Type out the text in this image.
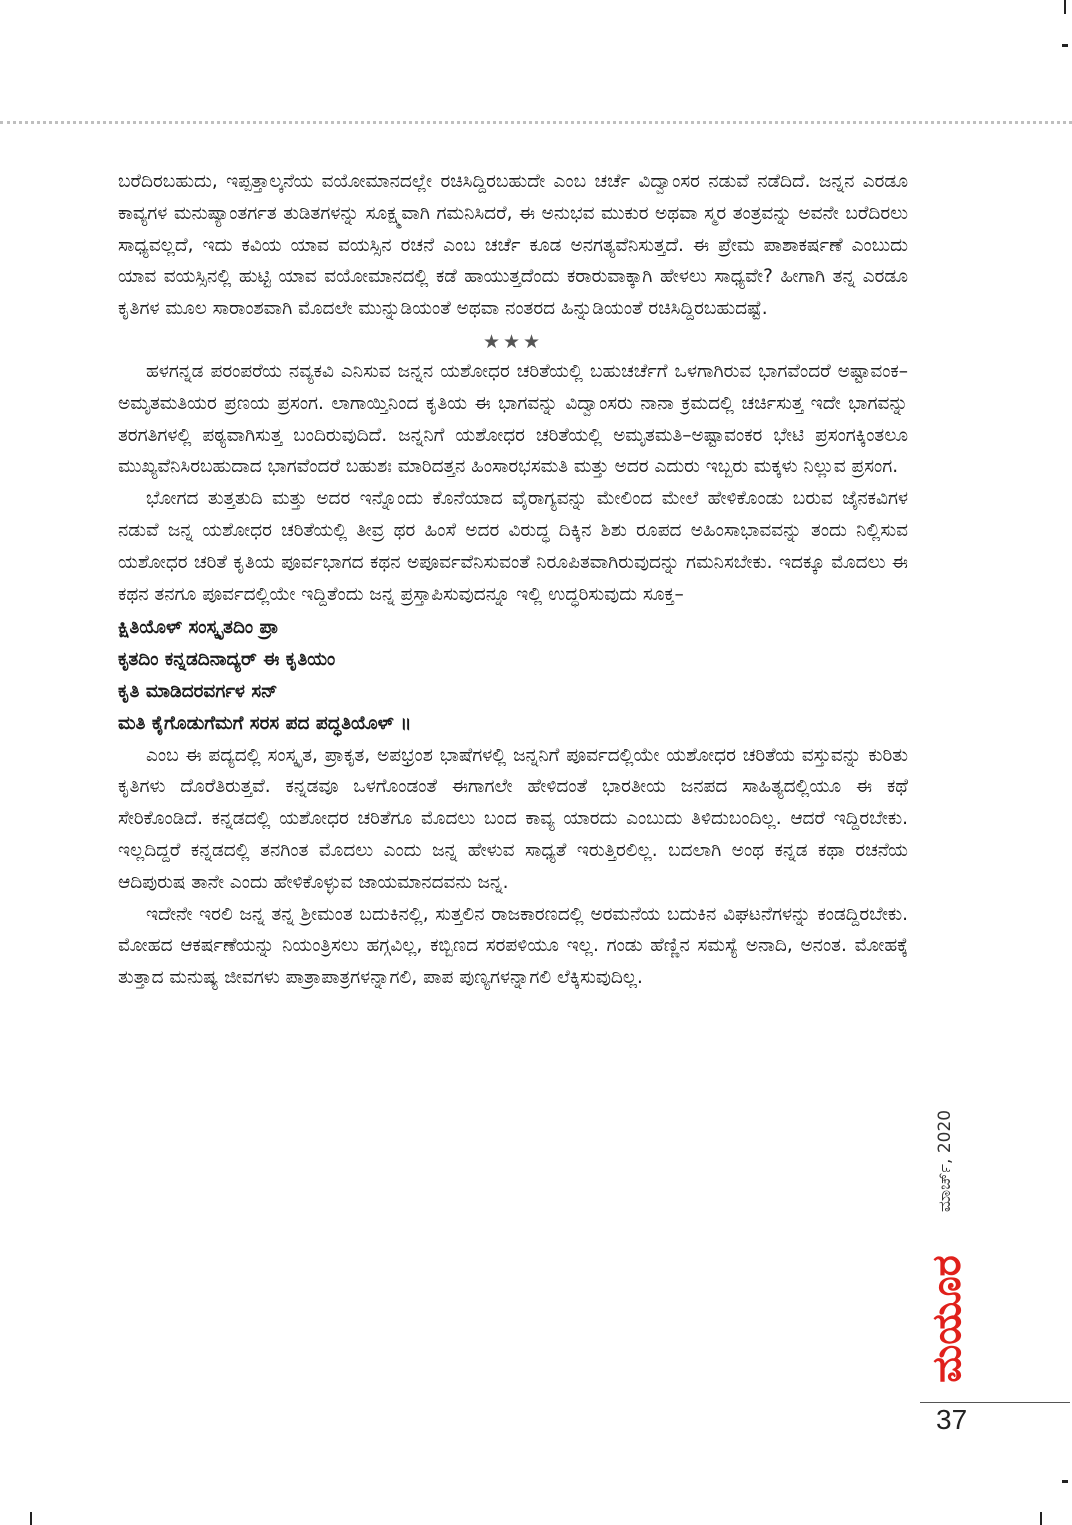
ಬರೆದಿರಬಹುದು, ಇಪ್ಪತ್ತಾಲ್ಕನೆಯ ವಯೋಮಾನದಲ್ಲೇ ರಚಿಸಿದ್ದಿರಬಹುದೇ ಎಂಬ ಚರ್ಚೆ ವಿದ್ವಾಂಸರ ನಡುವೆ ನಡೆದಿದೆ. ಜನ್ನನ ಎರಡೂ ಕಾವ್ಯಗಳ ಮನುಷ್ಯಾಂತರ್ಗತ ತುಡಿತಗಳನ್ನು ಸೂಕ್ಷ್ಮವಾಗಿ ಗಮನಿಸಿದರೆ, ಈ ಅನುಭವ ಮುಕುರ ಅಥವಾ ಸ್ಮರ ತಂತ್ರವನ್ನು ಅವನೇ ಬರೆದಿರಲು ಸಾಧ್ಯವಲ್ಲದೆ, ಇದು ಕವಿಯ ಯಾವ ವಯಸ್ಸಿನ ರಚನೆ ಎಂಬ ಚರ್ಚೆ ಕೂಡ ಅನಗತ್ಯವೆನಿಸುತ್ತದೆ. ಈ ಪ್ರೇಮ ಪಾಶಾಕರ್ಷಣೆ ಎಂಬುದು ಯಾವ ವಯಸ್ಸಿನಲ್ಲಿ ಹುಟ್ಟಿ ಯಾವ ವಯೋಮಾನದಲ್ಲಿ ಕಡೆ ಹಾಯುತ್ತದೆಂದು ಕರಾರುವಾಕ್ಕಾಗಿ ಹೇಳಲು ಸಾಧ್ಯವೇ? ಹೀಗಾಗಿ ತನ್ನ ಎರಡೂ ಕೃತಿಗಳ ಮೂಲ ಸಾರಾಂಶವಾಗಿ ಮೊದಲೇ ಮುನ್ನುಡಿಯಂತೆ ಅಥವಾ ನಂತರದ ಹಿನ್ನುಡಿಯಂತೆ ರಚಿಸಿದ್ದಿರಬಹುದಷ್ಟೆ.

★★★

ಹಳಗನ್ನಡ ಪರಂಪರೆಯ ನವ್ಯಕವಿ ಎನಿಸುವ ಜನ್ನನ ಯಶೋಧರ ಚರಿತೆಯಲ್ಲಿ ಬಹುಚರ್ಚೆಗೆ ಒಳಗಾಗಿರುವ ಭಾಗವೆಂದರೆ ಅಷ್ಟಾವಂಕ–ಅಮೃತಮತಿಯರ ಪ್ರಣಯ ಪ್ರಸಂಗ. ಲಾಗಾಯ್ತಿನಿಂದ ಕೃತಿಯ ಈ ಭಾಗವನ್ನು ವಿದ್ವಾಂಸರು ನಾನಾ ಕ್ರಮದಲ್ಲಿ ಚರ್ಚಿಸುತ್ತ ಇದೇ ಭಾಗವನ್ನು ತರಗತಿಗಳಲ್ಲಿ ಪಠ್ಯವಾಗಿಸುತ್ತ ಬಂದಿರುವುದಿದೆ. ಜನ್ನನಿಗೆ ಯಶೋಧರ ಚರಿತೆಯಲ್ಲಿ ಅಮೃತಮತಿ–ಅಷ್ಟಾವಂಕರ ಭೇಟಿ ಪ್ರಸಂಗಕ್ಕಿಂತಲೂ ಮುಖ್ಯವೆನಿಸಿರಬಹುದಾದ ಭಾಗವೆಂದರೆ ಬಹುಶಃ ಮಾರಿದತ್ತನ ಹಿಂಸಾರಭಸಮತಿ ಮತ್ತು ಅದರ ಎದುರು ಇಬ್ಬರು ಮಕ್ಕಳು ನಿಲ್ಲುವ ಪ್ರಸಂಗ.

ಭೋಗದ ತುತ್ತತುದಿ ಮತ್ತು ಅದರ ಇನ್ನೊಂದು ಕೊನೆಯಾದ ವೈರಾಗ್ಯವನ್ನು ಮೇಲಿಂದ ಮೇಲೆ ಹೇಳಿಕೊಂಡು ಬರುವ ಜೈನಕವಿಗಳ ನಡುವೆ ಜನ್ನ ಯಶೋಧರ ಚರಿತೆಯಲ್ಲಿ ತೀವ್ರ ಥರ ಹಿಂಸೆ ಅದರ ವಿರುದ್ಧ ದಿಕ್ಕಿನ ಶಿಶು ರೂಪದ ಅಹಿಂಸಾಭಾವವನ್ನು ತಂದು ನಿಲ್ಲಿಸುವ ಯಶೋಧರ ಚರಿತೆ ಕೃತಿಯ ಪೂರ್ವಭಾಗದ ಕಥನ ಅಪೂರ್ವವೆನಿಸುವಂತೆ ನಿರೂಪಿತವಾಗಿರುವುದನ್ನು ಗಮನಿಸಬೇಕು. ಇದಕ್ಕೂ ಮೊದಲು ಈ ಕಥನ ತನಗೂ ಪೂರ್ವದಲ್ಲಿಯೇ ಇದ್ದಿತೆಂದು ಜನ್ನ ಪ್ರಸ್ತಾಪಿಸುವುದನ್ನೂ ಇಲ್ಲಿ ಉದ್ಧರಿಸುವುದು ಸೂಕ್ತ–

ಕ್ಷಿತಿಯೊಳ್ ಸಂಸ್ಕೃತದಿಂ ಪ್ರಾ
ಕೃತದಿಂ ಕನ್ನಡದಿನಾದ್ಯರ್ ಈ ಕೃತಿಯಂ
ಕೃತಿ ಮಾಡಿದರವರ್ಗಳ ಸನ್
ಮತಿ ಕೈಗೊಡುಗೆಮಗೆ ಸರಸ ಪದ ಪದ್ಧತಿಯೊಳ್ ॥

ಎಂಬ ಈ ಪದ್ಯದಲ್ಲಿ ಸಂಸ್ಕೃತ, ಪ್ರಾಕೃತ, ಅಪಭ್ರಂಶ ಭಾಷೆಗಳಲ್ಲಿ ಜನ್ನನಿಗೆ ಪೂರ್ವದಲ್ಲಿಯೇ ಯಶೋಧರ ಚರಿತೆಯ ವಸ್ತುವನ್ನು ಕುರಿತು ಕೃತಿಗಳು ದೊರೆತಿರುತ್ತವೆ. ಕನ್ನಡವೂ ಒಳಗೊಂಡಂತೆ ಈಗಾಗಲೇ ಹೇಳಿದಂತೆ ಭಾರತೀಯ ಜನಪದ ಸಾಹಿತ್ಯದಲ್ಲಿಯೂ ಈ ಕಥೆ ಸೇರಿಕೊಂಡಿದೆ. ಕನ್ನಡದಲ್ಲಿ ಯಶೋಧರ ಚರಿತೆಗೂ ಮೊದಲು ಬಂದ ಕಾವ್ಯ ಯಾರದು ಎಂಬುದು ತಿಳಿದುಬಂದಿಲ್ಲ. ಆದರೆ ಇದ್ದಿರಬೇಕು. ಇಲ್ಲದಿದ್ದರೆ ಕನ್ನಡದಲ್ಲಿ ತನಗಿಂತ ಮೊದಲು ಎಂದು ಜನ್ನ ಹೇಳುವ ಸಾಧ್ಯತೆ ಇರುತ್ತಿರಲಿಲ್ಲ. ಬದಲಾಗಿ ಅಂಥ ಕನ್ನಡ ಕಥಾ ರಚನೆಯ ಆದಿಪುರುಷ ತಾನೇ ಎಂದು ಹೇಳಿಕೊಳ್ಳುವ ಜಾಯಮಾನದವನು ಜನ್ನ.

ಇದೇನೇ ಇರಲಿ ಜನ್ನ ತನ್ನ ಶ್ರೀಮಂತ ಬದುಕಿನಲ್ಲಿ, ಸುತ್ತಲಿನ ರಾಜಕಾರಣದಲ್ಲಿ ಅರಮನೆಯ ಬದುಕಿನ ವಿಘಟನೆಗಳನ್ನು ಕಂಡದ್ದಿರಬೇಕು. ಮೋಹದ ಆಕರ್ಷಣೆಯನ್ನು ನಿಯಂತ್ರಿಸಲು ಹಗ್ಗವಿಲ್ಲ, ಕಬ್ಬಿಣದ ಸರಪಳಿಯೂ ಇಲ್ಲ. ಗಂಡು ಹೆಣ್ಣಿನ ಸಮಸ್ಯೆ ಅನಾದಿ, ಅನಂತ. ಮೋಹಕ್ಕೆ ತುತ್ತಾದ ಮನುಷ್ಯ ಜೀವಗಳು ಪಾತ್ರಾಪಾತ್ರಗಳನ್ನಾಗಲಿ, ಪಾಪ ಪುಣ್ಯಗಳನ್ನಾಗಲಿ ಲೆಕ್ಕಿಸುವುದಿಲ್ಲ.

ಮಾರ್ಚ್, 2020
ಮಯೂರ
37
